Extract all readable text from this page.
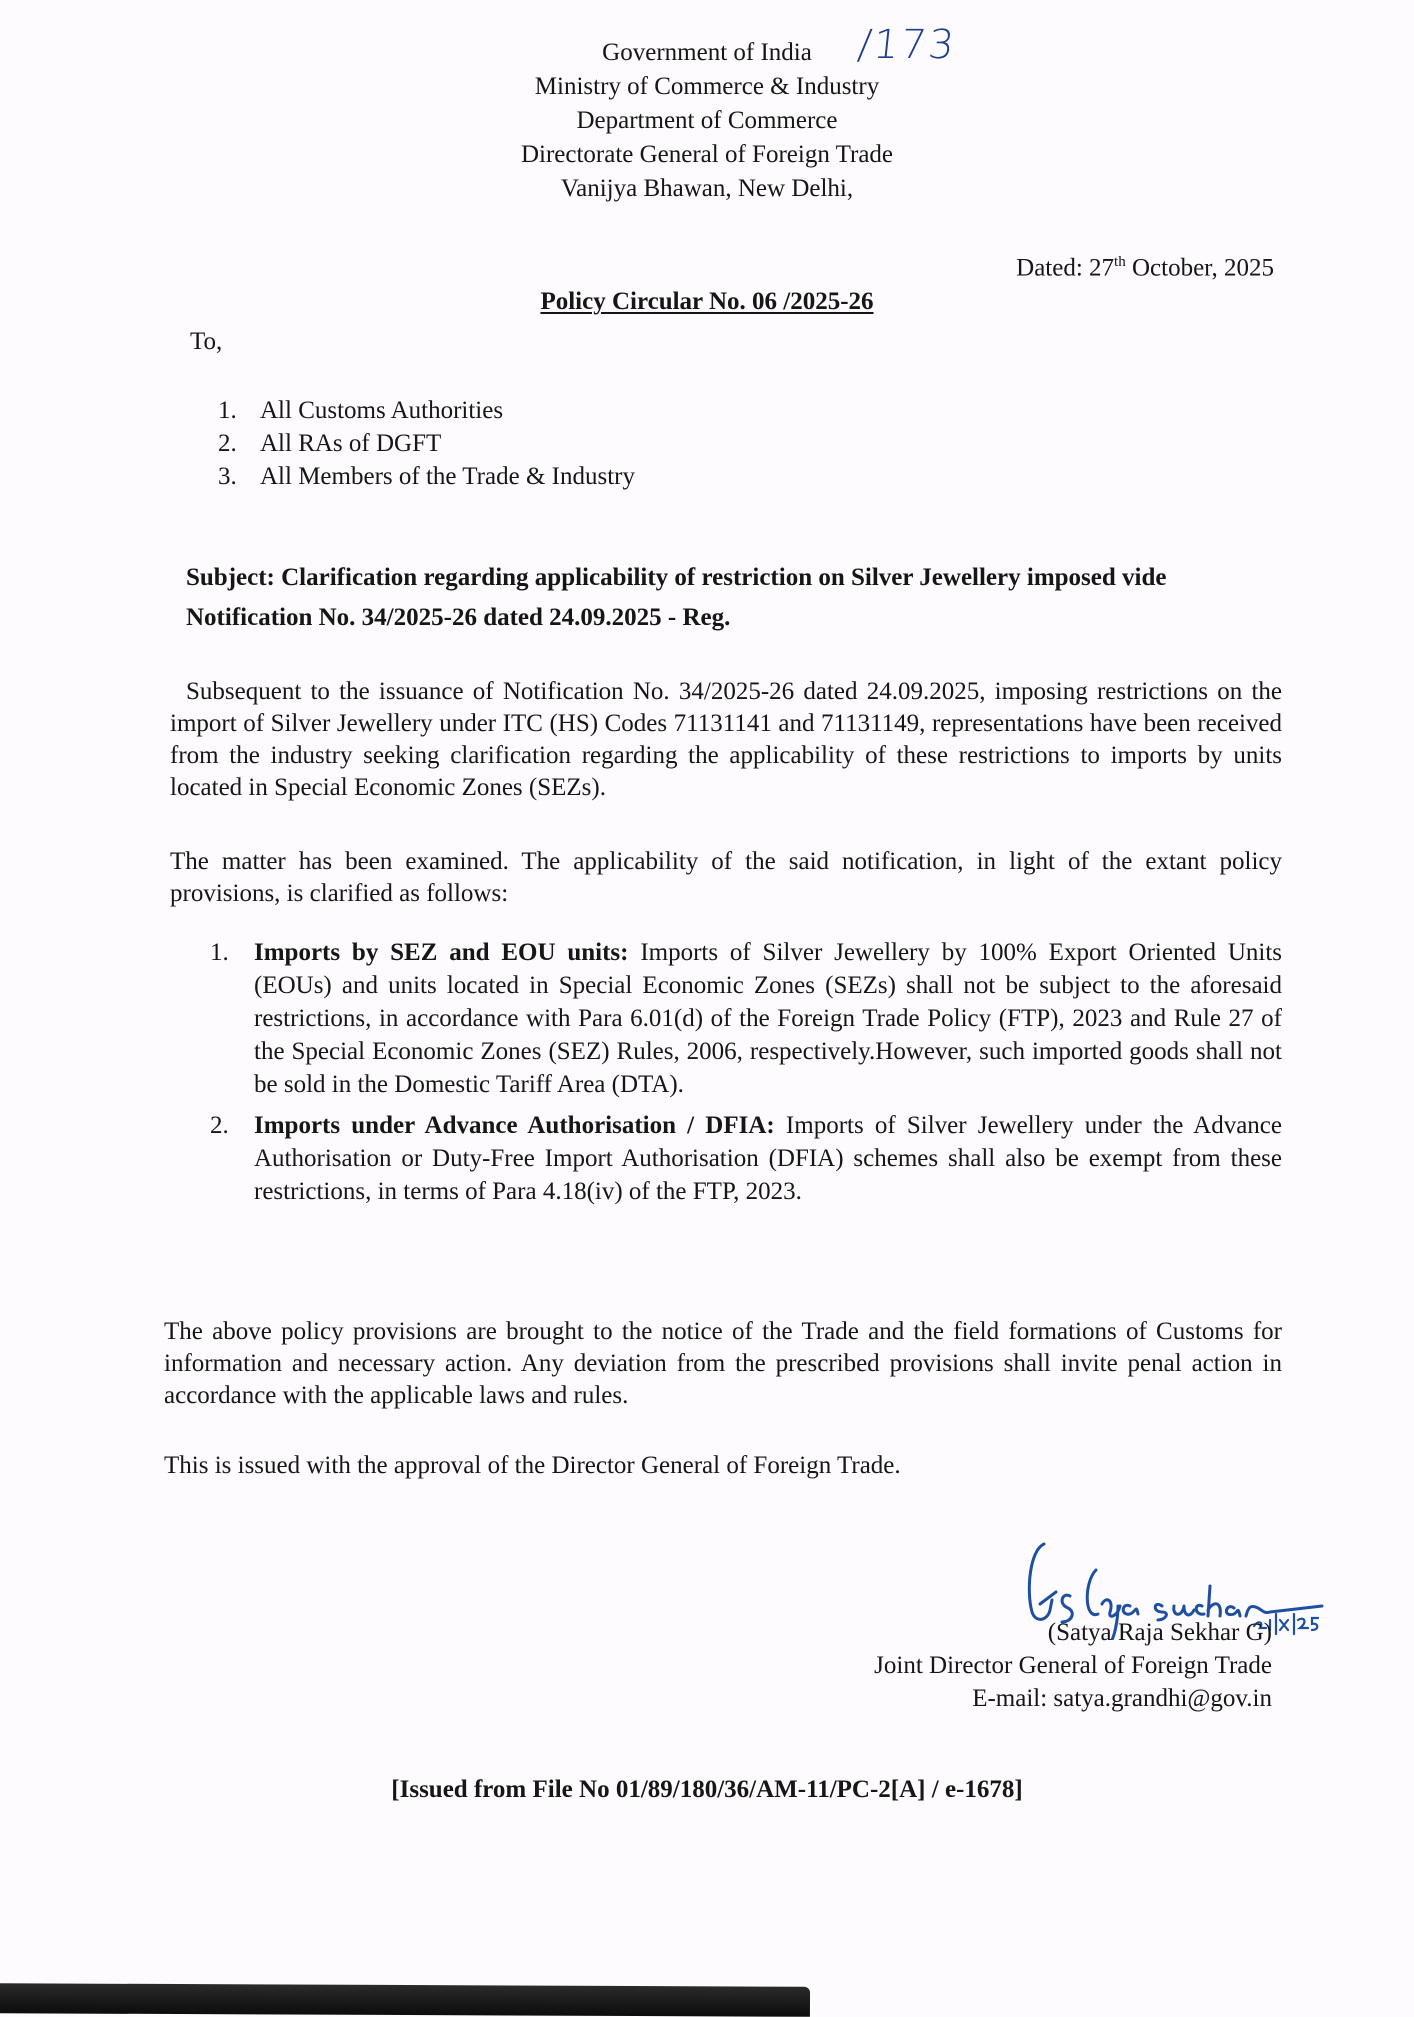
Government of India
Ministry of Commerce & Industry
Department of Commerce
Directorate General of Foreign Trade
Vanijya Bhawan, New Delhi,
/173
Dated: 27th October, 2025
Policy Circular No. 06 /2025-26
To,
1. All Customs Authorities
2. All RAs of DGFT
3. All Members of the Trade & Industry
Subject: Clarification regarding applicability of restriction on Silver Jewellery imposed vide Notification No. 34/2025-26 dated 24.09.2025 - Reg.
Subsequent to the issuance of Notification No. 34/2025-26 dated 24.09.2025, imposing restrictions on the import of Silver Jewellery under ITC (HS) Codes 71131141 and 71131149, representations have been received from the industry seeking clarification regarding the applicability of these restrictions to imports by units located in Special Economic Zones (SEZs).
The matter has been examined. The applicability of the said notification, in light of the extant policy provisions, is clarified as follows:
1.	Imports by SEZ and EOU units: Imports of Silver Jewellery by 100% Export Oriented Units (EOUs) and units located in Special Economic Zones (SEZs) shall not be subject to the aforesaid restrictions, in accordance with Para 6.01(d) of the Foreign Trade Policy (FTP), 2023 and Rule 27 of the Special Economic Zones (SEZ) Rules, 2006, respectively.However, such imported goods shall not be sold in the Domestic Tariff Area (DTA).
2.	Imports under Advance Authorisation / DFIA: Imports of Silver Jewellery under the Advance Authorisation or Duty-Free Import Authorisation (DFIA) schemes shall also be exempt from these restrictions, in terms of Para 4.18(iv) of the FTP, 2023.
The above policy provisions are brought to the notice of the Trade and the field formations of Customs for information and necessary action. Any deviation from the prescribed provisions shall invite penal action in accordance with the applicable laws and rules.
This is issued with the approval of the Director General of Foreign Trade.
(Satya Raja Sekhar G)
Joint Director General of Foreign Trade
E-mail: satya.grandhi@gov.in
[Issued from File No 01/89/180/36/AM-11/PC-2[A] / e-1678]
